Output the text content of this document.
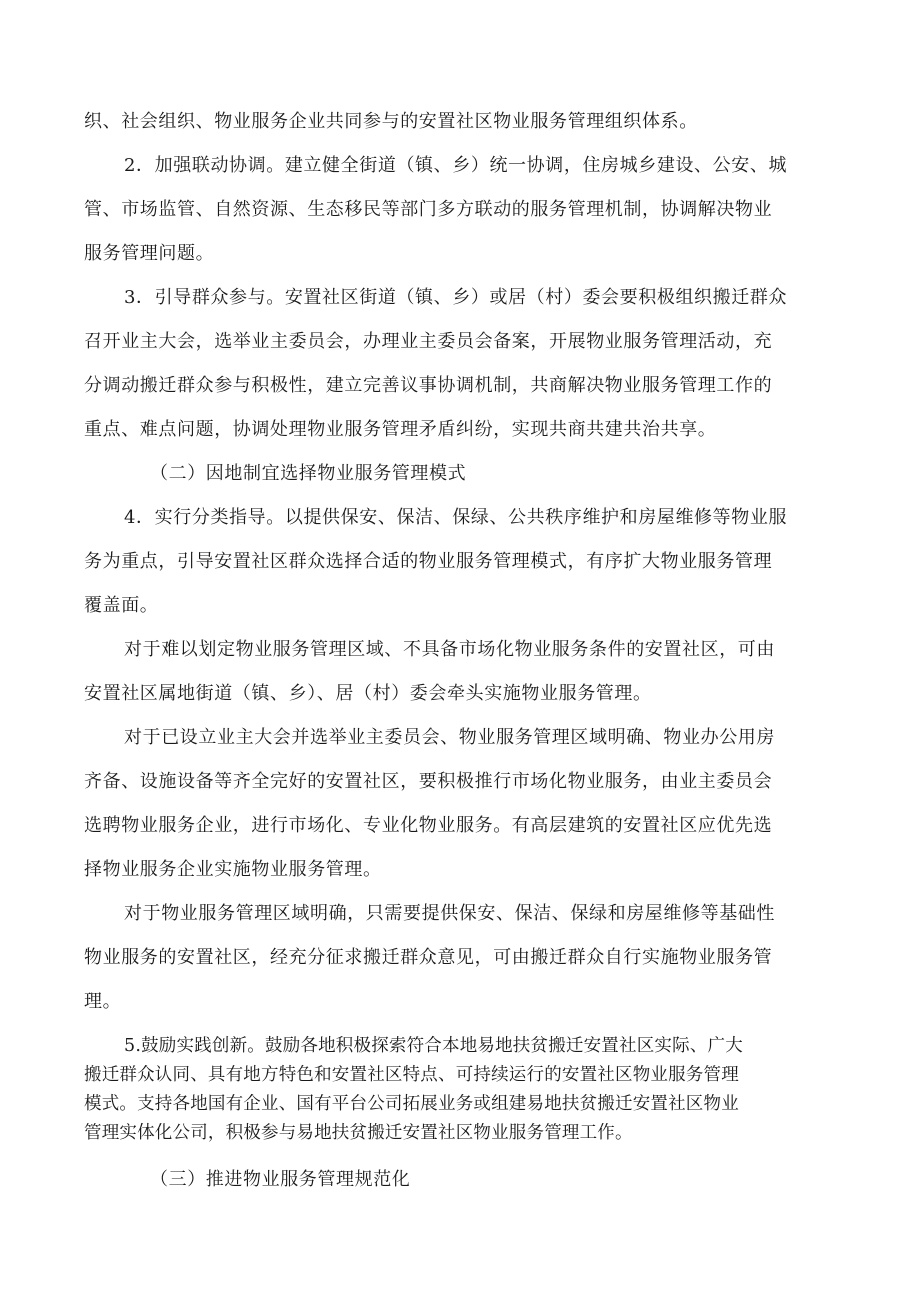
织、社会组织、物业服务企业共同参与的安置社区物业服务管理组织体系。
2．加强联动协调。建立健全街道（镇、乡）统一协调，住房城乡建设、公安、城
管、市场监管、自然资源、生态移民等部门多方联动的服务管理机制，协调解决物业
服务管理问题。
3．引导群众参与。安置社区街道（镇、乡）或居（村）委会要积极组织搬迁群众
召开业主大会，选举业主委员会，办理业主委员会备案，开展物业服务管理活动，充
分调动搬迁群众参与积极性，建立完善议事协调机制，共商解决物业服务管理工作的
重点、难点问题，协调处理物业服务管理矛盾纠纷，实现共商共建共治共享。
（二）因地制宜选择物业服务管理模式
4．实行分类指导。以提供保安、保洁、保绿、公共秩序维护和房屋维修等物业服
务为重点，引导安置社区群众选择合适的物业服务管理模式，有序扩大物业服务管理
覆盖面。
对于难以划定物业服务管理区域、不具备市场化物业服务条件的安置社区，可由
安置社区属地街道（镇、乡）、居（村）委会牵头实施物业服务管理。
对于已设立业主大会并选举业主委员会、物业服务管理区域明确、物业办公用房
齐备、设施设备等齐全完好的安置社区，要积极推行市场化物业服务，由业主委员会
选聘物业服务企业，进行市场化、专业化物业服务。有高层建筑的安置社区应优先选
择物业服务企业实施物业服务管理。
对于物业服务管理区域明确，只需要提供保安、保洁、保绿和房屋维修等基础性
物业服务的安置社区，经充分征求搬迁群众意见，可由搬迁群众自行实施物业服务管
理。
5.鼓励实践创新。鼓励各地积极探索符合本地易地扶贫搬迁安置社区实际、广大
搬迁群众认同、具有地方特色和安置社区特点、可持续运行的安置社区物业服务管理
模式。支持各地国有企业、国有平台公司拓展业务或组建易地扶贫搬迁安置社区物业
管理实体化公司，积极参与易地扶贫搬迁安置社区物业服务管理工作。
（三）推进物业服务管理规范化
